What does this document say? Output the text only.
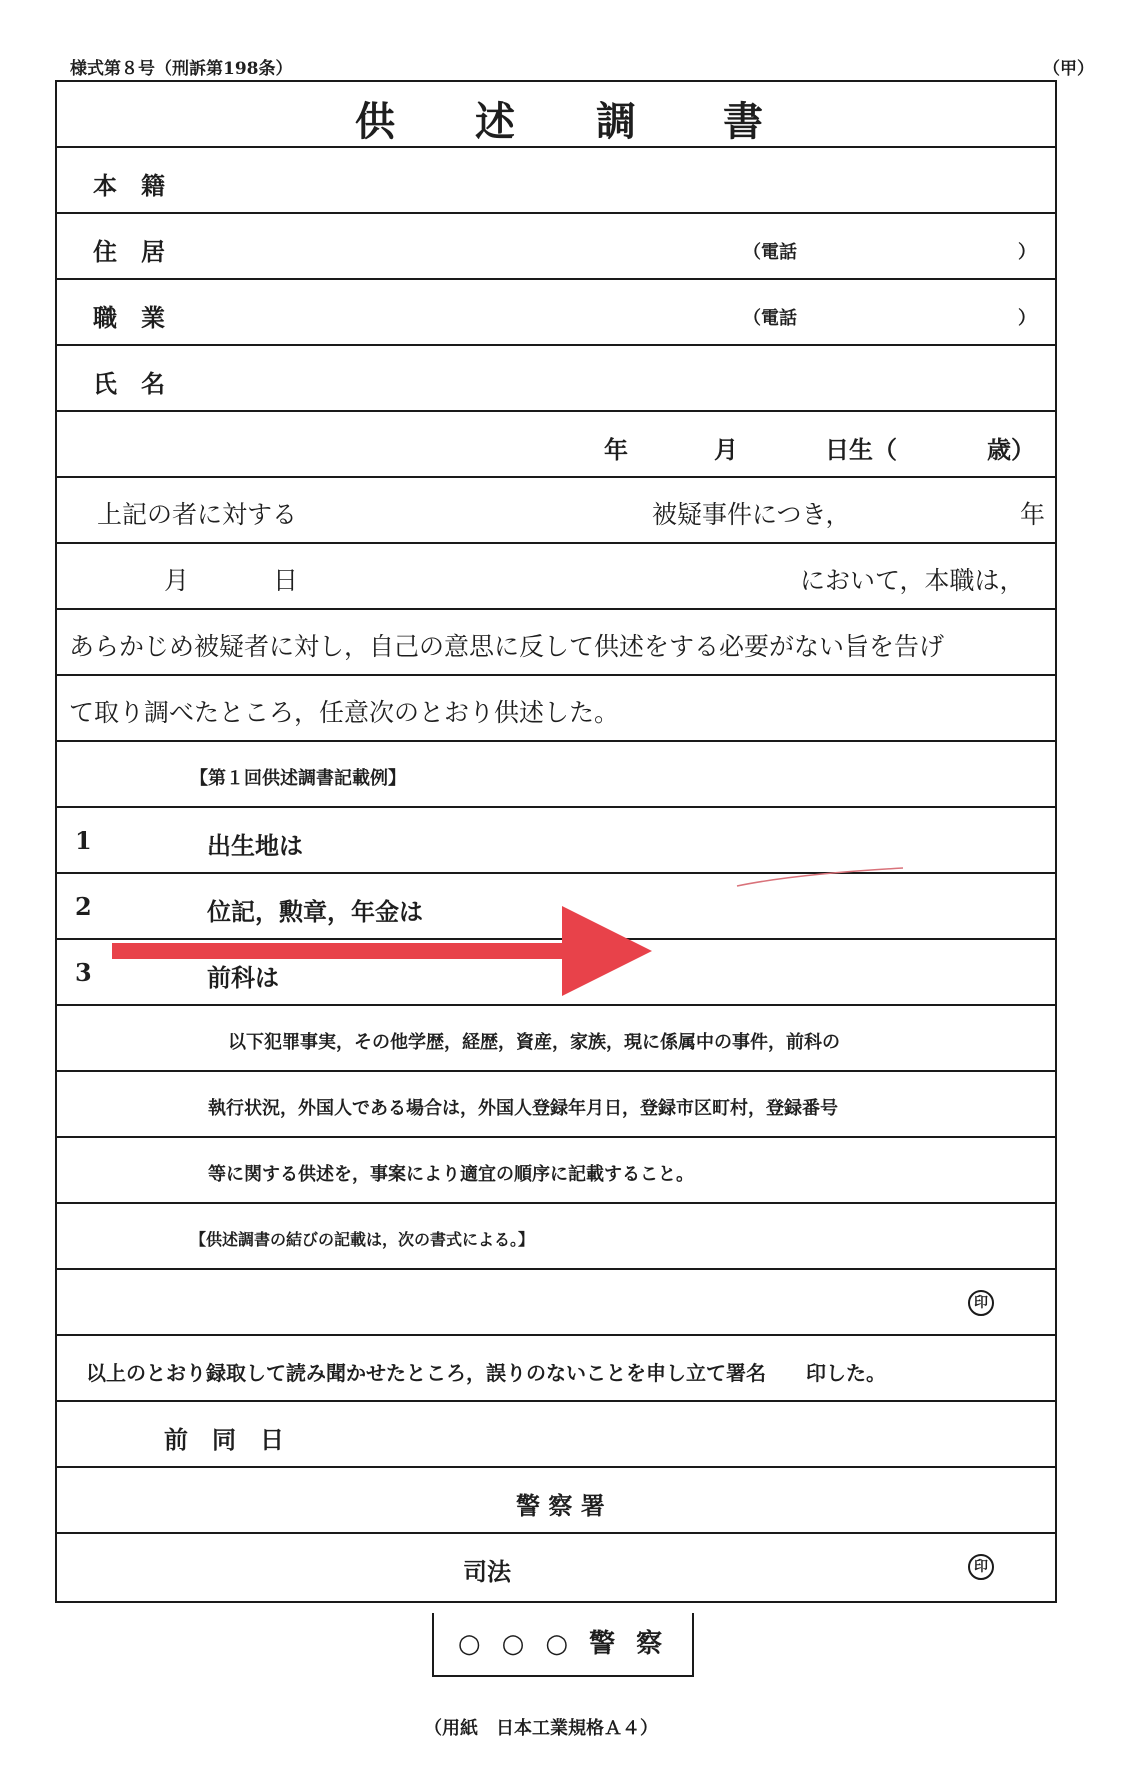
様式第８号（刑訴第198条）	（甲）
供 述 調 書
本　籍
住　居	（電話	）
職　業	（電話	）
氏　名
年	月	日生（	歳）
上記の者に対する	被疑事件につき，	年
月	日	において，本職は，
あらかじめ被疑者に対し，自己の意思に反して供述をする必要がない旨を告げ
て取り調べたところ，任意次のとおり供述した。
【第１回供述調書記載例】
1	出生地は
2	位記，勲章，年金は
3	前科は
以下犯罪事実，その他学歴，経歴，資産，家族，現に係属中の事件，前科の
執行状況，外国人である場合は，外国人登録年月日，登録市区町村，登録番号
等に関する供述を，事案により適宜の順序に記載すること。
【供述調書の結びの記載は，次の書式による。】
印
以上のとおり録取して読み聞かせたところ，誤りのないことを申し立て署名　　印した。
前　同　日
警 察 署
司法	印
○ ○ ○ 警 察
（用紙　日本工業規格Ａ４）
